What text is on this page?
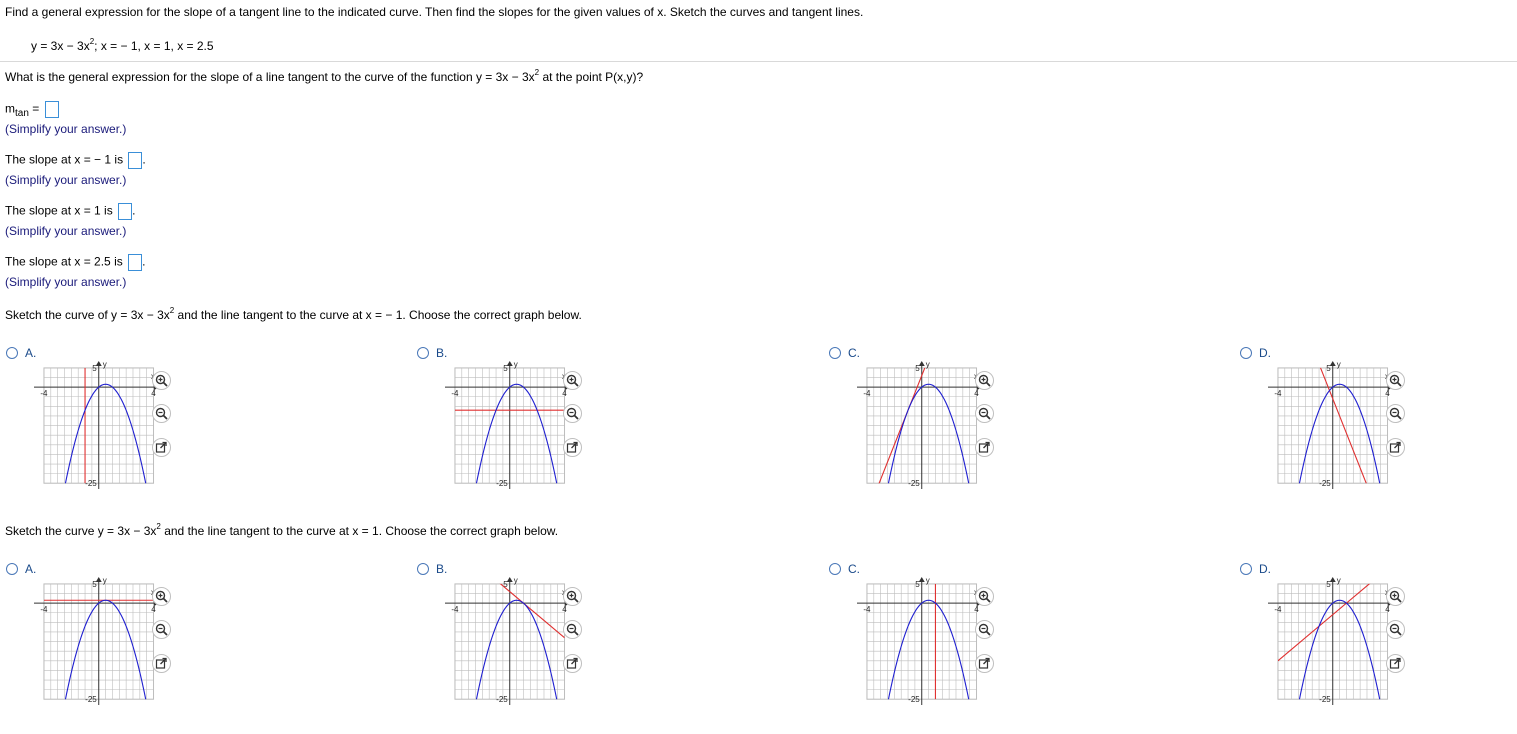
Find a general expression for the slope of a tangent line to the indicated curve. Then find the slopes for the given values of x. Sketch the curves and tangent lines.
$y = 3x - 3x^2$; x = − 1, x = 1, x = 2.5
What is the general expression for the slope of a line tangent to the curve of the function $y = 3x - 3x^2$ at the point P(x,y)?
$m_{tan}$ =
(Simplify your answer.)
The slope at x = − 1 is .
(Simplify your answer.)
The slope at x = 1 is .
(Simplify your answer.)
The slope at x = 2.5 is .
(Simplify your answer.)
Sketch the curve of $y = 3x - 3x^2$ and the line tangent to the curve at x = − 1. Choose the correct graph below.
Sketch the curve $y = 3x - 3x^2$ and the line tangent to the curve at x = 1. Choose the correct graph below.
A.
5
-25
-4	4
y
B.
5
-25
-4	4
y
C.
5
-25
-4	4
y
D.
5
-25
-4	4
y
A.
5
-25
-4	4
y
B.
5
-25
-4	4
y
C.
5
-25
-4	4
y
D.
5
-25
-4	4
y
